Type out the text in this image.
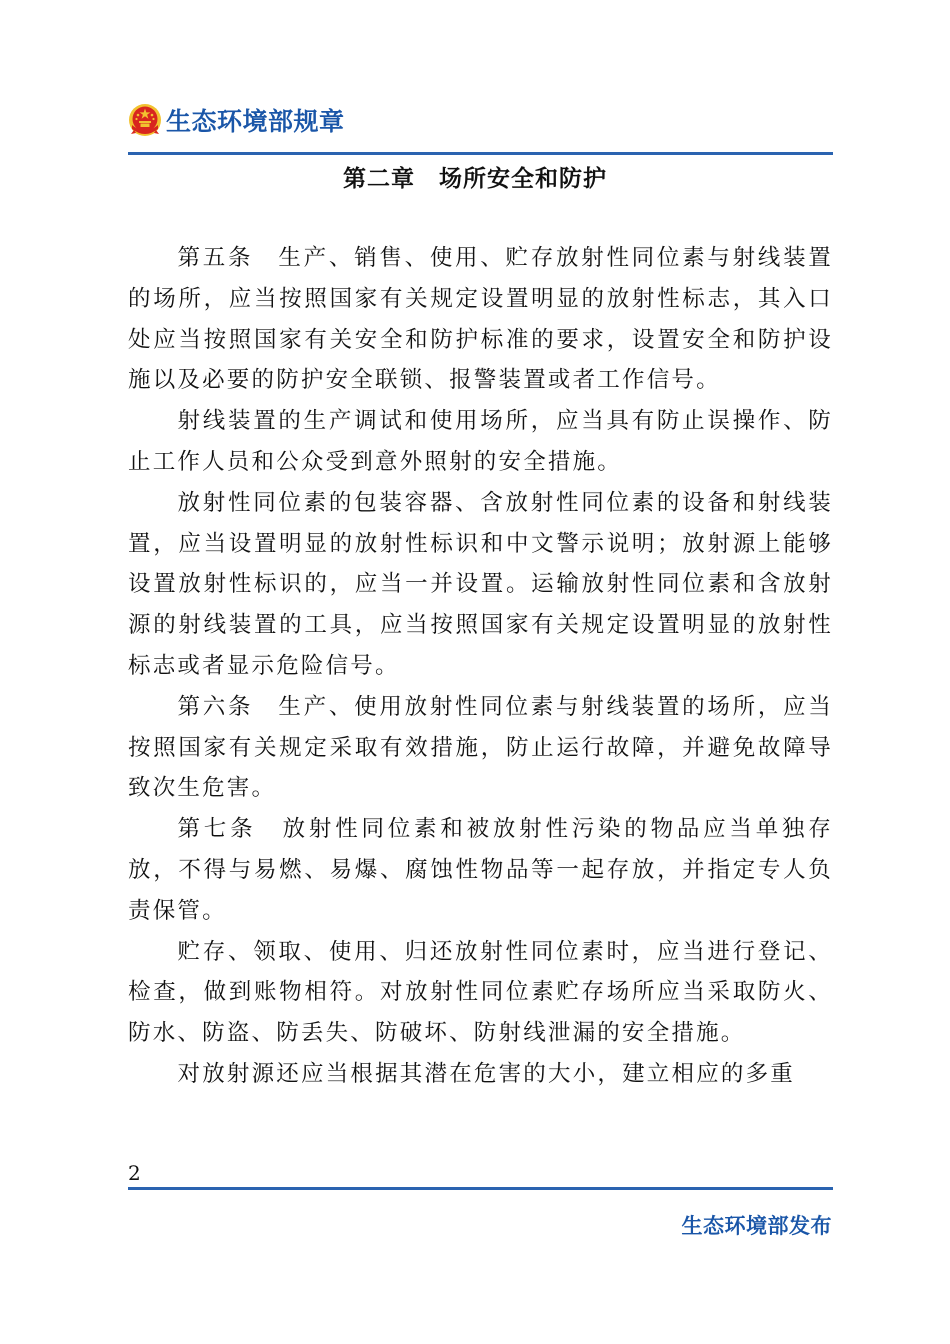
生态环境部规章
第二章　场所安全和防护

第五条　生产、销售、使用、贮存放射性同位素与射线装置的场所，应当按照国家有关规定设置明显的放射性标志，其入口处应当按照国家有关安全和防护标准的要求，设置安全和防护设施以及必要的防护安全联锁、报警装置或者工作信号。

射线装置的生产调试和使用场所，应当具有防止误操作、防止工作人员和公众受到意外照射的安全措施。

放射性同位素的包装容器、含放射性同位素的设备和射线装置，应当设置明显的放射性标识和中文警示说明；放射源上能够设置放射性标识的，应当一并设置。运输放射性同位素和含放射源的射线装置的工具，应当按照国家有关规定设置明显的放射性标志或者显示危险信号。

第六条　生产、使用放射性同位素与射线装置的场所，应当按照国家有关规定采取有效措施，防止运行故障，并避免故障导致次生危害。

第七条　放射性同位素和被放射性污染的物品应当单独存放，不得与易燃、易爆、腐蚀性物品等一起存放，并指定专人负责保管。

贮存、领取、使用、归还放射性同位素时，应当进行登记、检查，做到账物相符。对放射性同位素贮存场所应当采取防火、防水、防盗、防丢失、防破坏、防射线泄漏的安全措施。

对放射源还应当根据其潜在危害的大小，建立相应的多重

2
生态环境部发布
